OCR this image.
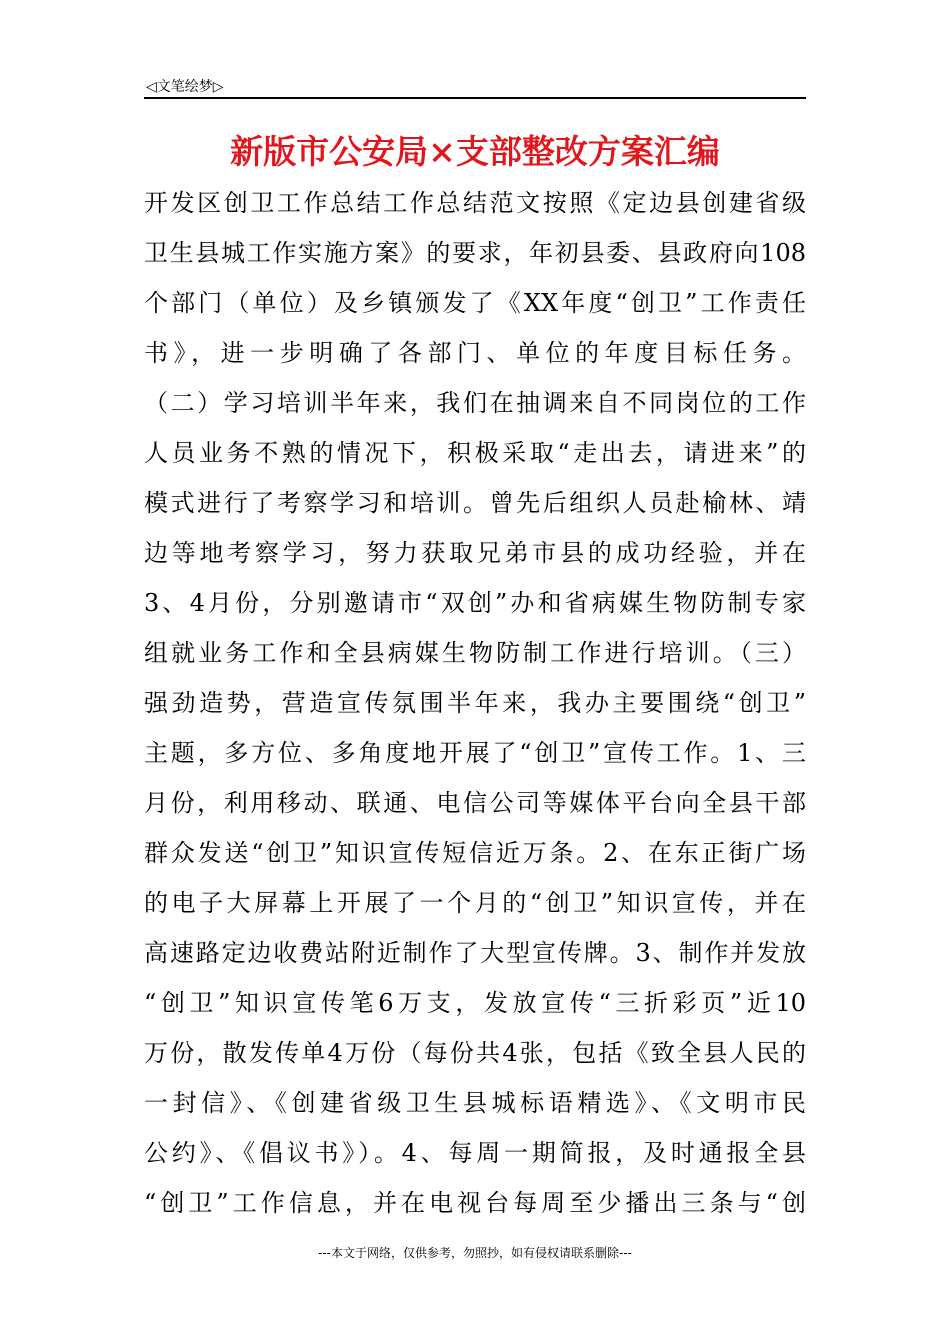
◁文笔绘梦▷
新版市公安局×支部整改方案汇编
开发区创卫工作总结工作总结范文按照《定边县创建省级
卫生县城工作实施方案》的要求，年初县委、县政府向108
个部门（单位）及乡镇颁发了《XX年度“创卫”工作责任
书》，进一步明确了各部门、单位的年度目标任务。
（二）学习培训半年来，我们在抽调来自不同岗位的工作
人员业务不熟的情况下，积极采取“走出去，请进来”的
模式进行了考察学习和培训。曾先后组织人员赴榆林、靖
边等地考察学习，努力获取兄弟市县的成功经验，并在
3、4月份，分别邀请市“双创”办和省病媒生物防制专家
组就业务工作和全县病媒生物防制工作进行培训。（三）
强劲造势，营造宣传氛围半年来，我办主要围绕“创卫”
主题，多方位、多角度地开展了“创卫”宣传工作。1、三
月份，利用移动、联通、电信公司等媒体平台向全县干部
群众发送“创卫”知识宣传短信近万条。2、在东正街广场
的电子大屏幕上开展了一个月的“创卫”知识宣传，并在
高速路定边收费站附近制作了大型宣传牌。3、制作并发放
“创卫”知识宣传笔6万支，发放宣传“三折彩页”近10
万份，散发传单4万份（每份共4张，包括《致全县人民的
一封信》、《创建省级卫生县城标语精选》、《文明市民
公约》、《倡议书》）。4、每周一期简报，及时通报全县
“创卫”工作信息，并在电视台每周至少播出三条与“创
---本文于网络，仅供参考，勿照抄，如有侵权请联系删除---
